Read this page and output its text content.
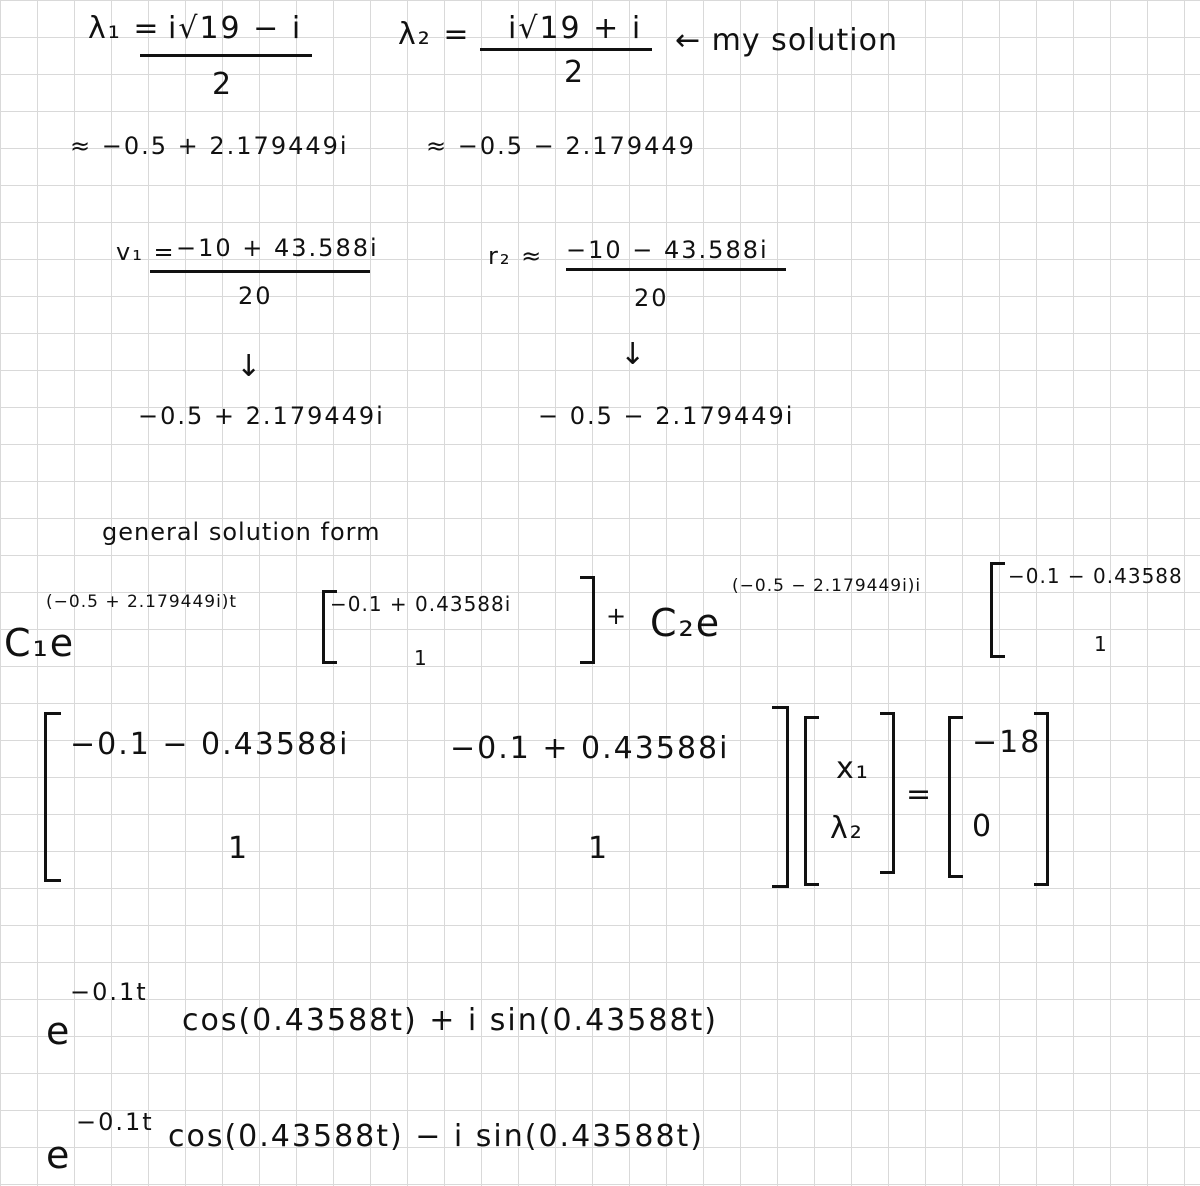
λ₁ = i√19 − i
2
≈ −0.5 + 2.179449i
λ₂ = i√19 + i
2
← my solution
≈ −0.5 − 2.179449
v₁ = −10 + 43.588i
20
↓
−0.5 + 2.179449i
r₂ ≈ −10 − 43.588i
20
↓
− 0.5 − 2.179449i
general solution form
C₁e
(−0.5 + 2.179449i)t	−0.1 + 0.43588i
1
+ C₂e
(−0.5 − 2.179449i)i	−0.1 − 0.43588
1
−0.1 − 0.43588i	−0.1 + 0.43588i
1	1
x₁
λ₂
=
−18
0
e
−0.1t
cos(0.43588t) + i sin(0.43588t)
e
−0.1t cos(0.43588t) − i sin(0.43588t)
